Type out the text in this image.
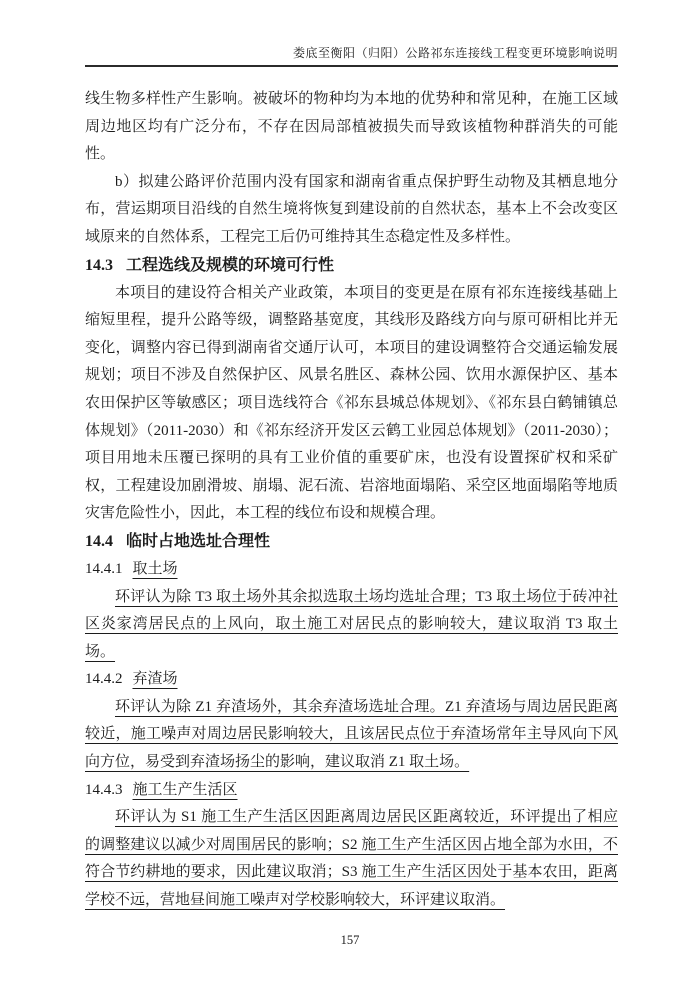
娄底至衡阳（归阳）公路祁东连接线工程变更环境影响说明

线生物多样性产生影响。被破坏的物种均为本地的优势种和常见种，在施工区域周边地区均有广泛分布，不存在因局部植被损失而导致该植物种群消失的可能性。

b）拟建公路评价范围内没有国家和湖南省重点保护野生动物及其栖息地分布，营运期项目沿线的自然生境将恢复到建设前的自然状态，基本上不会改变区域原来的自然体系，工程完工后仍可维持其生态稳定性及多样性。

14.3 工程选线及规模的环境可行性

本项目的建设符合相关产业政策，本项目的变更是在原有祁东连接线基础上缩短里程，提升公路等级，调整路基宽度，其线形及路线方向与原可研相比并无变化，调整内容已得到湖南省交通厅认可，本项目的建设调整符合交通运输发展规划；项目不涉及自然保护区、风景名胜区、森林公园、饮用水源保护区、基本农田保护区等敏感区；项目选线符合《祁东县城总体规划》、《祁东县白鹤铺镇总体规划》（2011-2030）和《祁东经济开发区云鹤工业园总体规划》（2011-2030）；项目用地未压覆已探明的具有工业价值的重要矿床，也没有设置探矿权和采矿权，工程建设加剧滑坡、崩塌、泥石流、岩溶地面塌陷、采空区地面塌陷等地质灾害危险性小，因此，本工程的线位布设和规模合理。

14.4 临时占地选址合理性
14.4.1 取土场

环评认为除 T3 取土场外其余拟选取土场均选址合理；T3 取土场位于砖冲社区炎家湾居民点的上风向，取土施工对居民点的影响较大，建议取消 T3 取土场。

14.4.2 弃渣场

环评认为除 Z1 弃渣场外，其余弃渣场选址合理。Z1 弃渣场与周边居民距离较近，施工噪声对周边居民影响较大，且该居民点位于弃渣场常年主导风向下风向方位，易受到弃渣场扬尘的影响，建议取消 Z1 取土场。

14.4.3 施工生产生活区

环评认为 S1 施工生产生活区因距离周边居民区距离较近，环评提出了相应的调整建议以减少对周围居民的影响；S2 施工生产生活区因占地全部为水田，不符合节约耕地的要求，因此建议取消；S3 施工生产生活区因处于基本农田，距离学校不远，营地昼间施工噪声对学校影响较大，环评建议取消。

157
